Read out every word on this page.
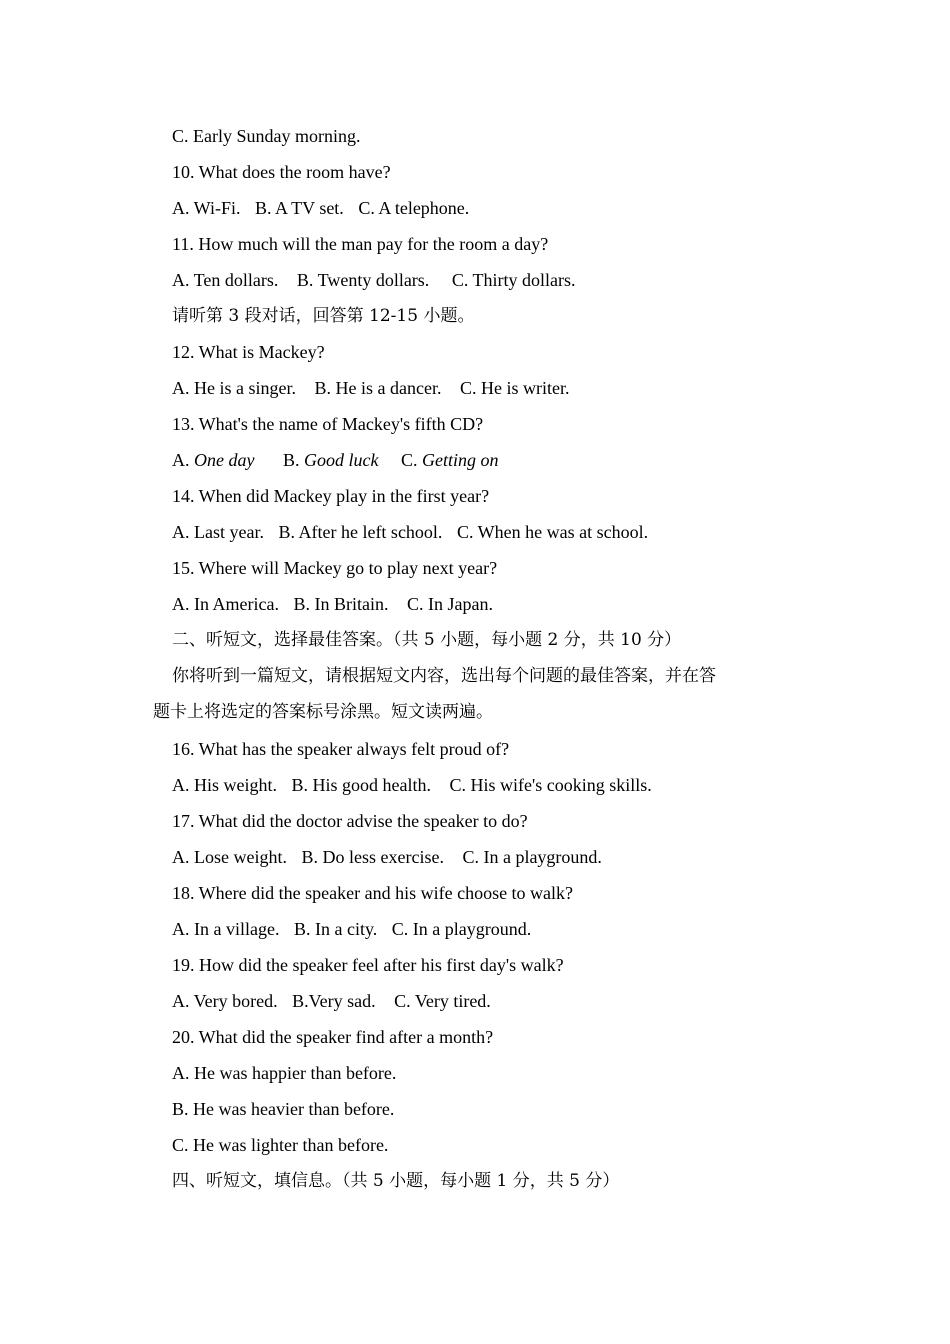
C. Early Sunday morning.
10. What does the room have?
A. Wi-Fi. B. A TV set. C. A telephone.
11. How much will the man pay for the room a day?
A. Ten dollars. B. Twenty dollars. C. Thirty dollars.
请听第 3 段对话，回答第 12-15 小题。
12. What is Mackey?
A. He is a singer. B. He is a dancer. C. He is writer.
13. What's the name of Mackey's fifth CD?
A. One day B. Good luck C. Getting on
14. When did Mackey play in the first year?
A. Last year. B. After he left school. C. When he was at school.
15. Where will Mackey go to play next year?
A. In America. B. In Britain. C. In Japan.
二、听短文，选择最佳答案。（共 5 小题，每小题 2 分，共 10 分）
你将听到一篇短文，请根据短文内容，选出每个问题的最佳答案，并在答
题卡上将选定的答案标号涂黑。短文读两遍。
16. What has the speaker always felt proud of?
A. His weight. B. His good health. C. His wife's cooking skills.
17. What did the doctor advise the speaker to do?
A. Lose weight. B. Do less exercise. C. In a playground.
18. Where did the speaker and his wife choose to walk?
A. In a village. B. In a city. C. In a playground.
19. How did the speaker feel after his first day's walk?
A. Very bored. B.Very sad. C. Very tired.
20. What did the speaker find after a month?
A. He was happier than before.
B. He was heavier than before.
C. He was lighter than before.
四、听短文，填信息。（共 5 小题，每小题 1 分，共 5 分）
